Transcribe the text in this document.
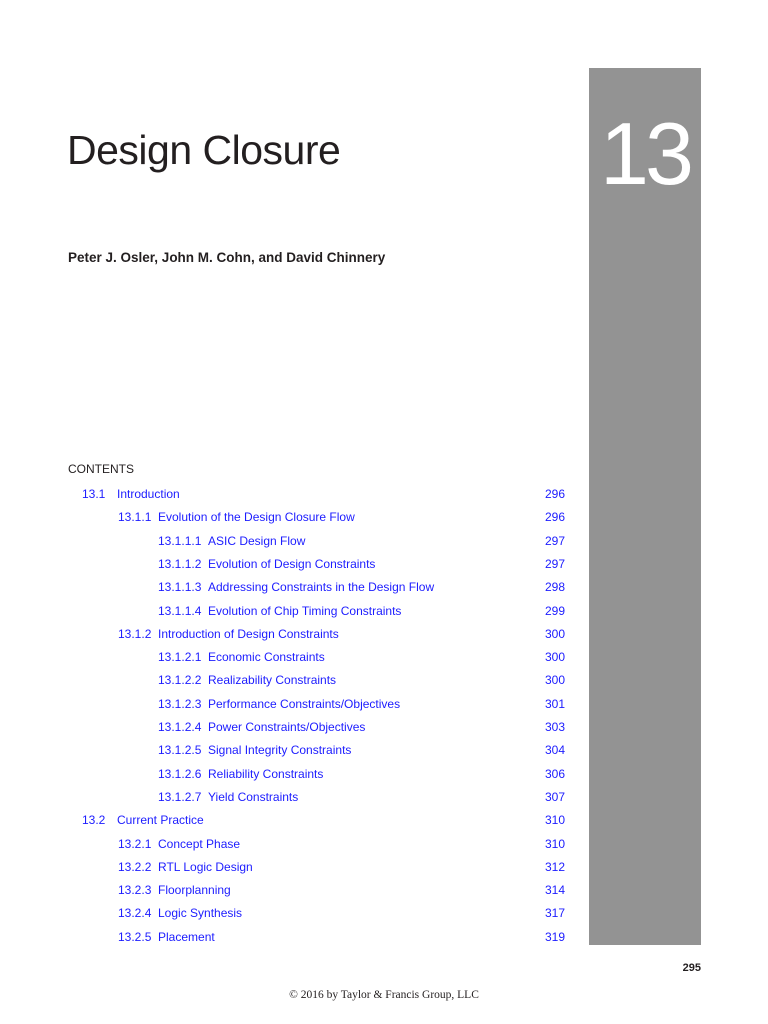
13
Design Closure
Peter J. Osler, John M. Cohn, and David Chinnery
CONTENTS
13.1 Introduction	296
13.1.1 Evolution of the Design Closure Flow	296
13.1.1.1 ASIC Design Flow	297
13.1.1.2 Evolution of Design Constraints	297
13.1.1.3 Addressing Constraints in the Design Flow	298
13.1.1.4 Evolution of Chip Timing Constraints	299
13.1.2 Introduction of Design Constraints	300
13.1.2.1 Economic Constraints	300
13.1.2.2 Realizability Constraints	300
13.1.2.3 Performance Constraints/Objectives	301
13.1.2.4 Power Constraints/Objectives	303
13.1.2.5 Signal Integrity Constraints	304
13.1.2.6 Reliability Constraints	306
13.1.2.7 Yield Constraints	307
13.2 Current Practice	310
13.2.1 Concept Phase	310
13.2.2 RTL Logic Design	312
13.2.3 Floorplanning	314
13.2.4 Logic Synthesis	317
13.2.5 Placement	319
295
© 2016 by Taylor & Francis Group, LLC
